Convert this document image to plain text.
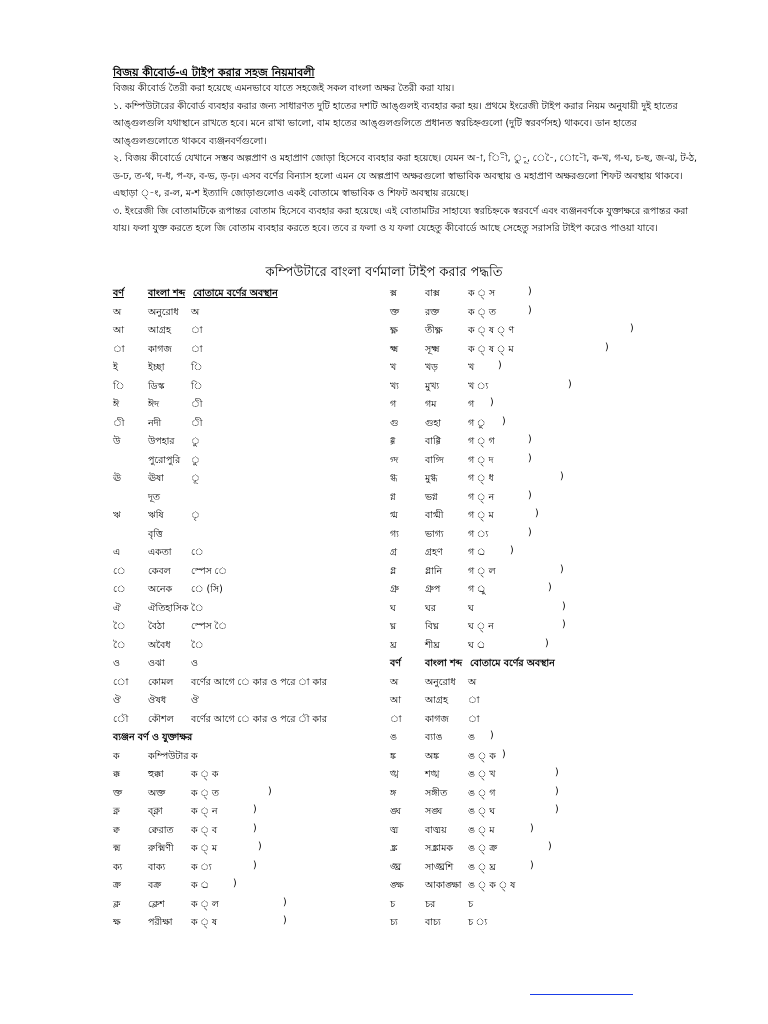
বিজয় কীবোর্ড-এ টাইপ করার সহজ নিয়মাবলী

বিজয় কীবোর্ড তৈরী করা হয়েছে এমনভাবে যাতে সহজেই সকল বাংলা অক্ষর তৈরী করা যায়।

১. কম্পিউটারের কীবোর্ড ব্যবহার করার জন্য সাধারণত দুটি হাতের দশটি আঙ্গুলই ব্যবহার করা হয়। প্রথমে ইংরেজী টাইপ করার নিয়ম অনুযায়ী দুই হাতের আঙ্গুলগুলি যথাস্থানে রাখতে হবে। মনে রাখা ভালো, বাম হাতের আঙ্গুলগুলিতে প্রধানত স্বরচিহ্নগুলো (দুটি স্বরবর্ণসহ) থাকবে। ডান হাতের আঙ্গুলগুলোতে থাকবে ব্যঞ্জনবর্ণগুলো।

২. বিজয় কীবোর্ডে যেখানে সম্ভব অল্পপ্রাণ ও মহাপ্রাণ জোড়া হিসেবে ব্যবহার করা হয়েছে। যেমন অ-া, ি-ী, ু-ূ, ে-ৈ, ো-ৌ, ক-খ, গ-ঘ, চ-ছ, জ-ঝ, ট-ঠ, ড-ঢ, ত-থ, দ-ধ, প-ফ, ব-ভ, ড়-ঢ়। এসব বর্ণের বিন্যাস হলো এমন যে অল্পপ্রাণ অক্ষরগুলো স্বাভাবিক অবস্থায় ও মহাপ্রাণ অক্ষরগুলো শিফট অবস্থায় থাকবে। এছাড়া ্-ং, র-ল, ম-শ ইত্যাদি জোড়াগুলোও একই বোতামে স্বাভাবিক ও শিফট অবস্থায় রয়েছে।

৩. ইংরেজী জি বোতামটিকে রূপান্তর বোতাম হিসেবে ব্যবহার করা হয়েছে। এই বোতামটির সাহায্যে স্বরচিহ্নকে স্বরবর্ণে এবং ব্যঞ্জনবর্ণকে যুক্তাক্ষরে রূপান্তর করা যায়। ফলা যুক্ত করতে হলে জি বোতাম ব্যবহার করতে হবে। তবে র ফলা ও য ফলা যেহেতু কীবোর্ডে আছে সেহেতু সরাসরি টাইপ করেও পাওয়া যাবে।

কম্পিউটারে বাংলা বর্ণমালা টাইপ করার পদ্ধতি
বর্ণ	বাংলা শব্দ বোতামে বর্ণের অবস্থান
অ	অনুরোধ অ
আ	আগ্রহ া
া	কাগজ া
ই	ইচ্ছা	ি
ি	ডিস্ক	ি
ঈ	ঈদ	ী
ী	নদী	ী
উ	উপহার ু
পুরোপুরি ু
ঊ	ঊষা	ূ
দূত
ঋ	ঋষি	ৃ
বৃত্তি
এ	একতা ে
ে কেবল স্পেস ে
ে অনেক ে (সি)
ঐ	ঐতিহাসিক ৈ
ৈ বৈঠা	স্পেস ৈ
ৈ অবৈধ ৈ
ও	ওঝা	ও
ো কোমল বর্ণের আগে ে কার ও পরে া কার
ঔ	ঔষধ	ঔ
ৌ কৌশল বর্ণের আগে ে কার ও পরে ৗ কার
ব্যঞ্জন বর্ণ ও যুক্তাক্ষর
ক	কম্পিউটার ক
ক্ক	হুক্কা	ক ্ ক
ক্ত	অক্ত	ক ্ ত	)
ক্ন	ব্ক্না	ক ্ ন	)
ক্ব	ক্বেরাত ক ্ ব	)
ক্ম	রুক্মিণী ক ্ ম	)
ক্য	বাক্য	ক ্য	)
ক্র	বক্র	ক ্র	)
ক্ল	ক্লেশ	ক ্ ল	)
ক্ষ	পরীক্ষা ক ্ ষ	)
ক্স	বাক্স	ক ্ স	)
ক্ত	রক্ত	ক ্ ত	)
ক্ষ্ণ	তীক্ষ্ণ	ক ্ ষ ্ ণ	)
ক্ষ্ম	সূক্ষ্ম	ক ্ ষ ্ ম	)
খ	খড়	খ	)
খ্য	মুখ্য	খ ্য	)
গ	গম	গ )
গু	গুহা	গ ু )
গ্গ	বাগ্গি	গ ্ গ	)
গ্দ	বাগ্দি	গ ্ দ	)
গ্ধ	মুগ্ধ	গ ্ ধ	)
গ্ন	ভগ্ন	গ ্ ন	)
গ্ম	বাগ্মী	গ ্ ম	)
গ্য	ভাগ্য	গ ্য	)
গ্র	গ্রহণ	গ ্র	)
গ্ল	গ্লানি	গ ্ ল	)
গ্রু	গ্রুপ	গ ্রু	)
ঘ	ঘর	ঘ	)
ঘ্ন	বিঘ্ন	ঘ ্ ন	)
ঘ্র	শীঘ্র	ঘ ্র	)
বর্ণ	বাংলা শব্দ বোতামে বর্ণের অবস্থান
অ	অনুরোধ অ
আ	আগ্রহ া
া	কাগজ া
ঙ	ব্যাঙ	ঙ )
ঙ্ক	অঙ্ক	ঙ ্ ক )
ঙ্খ	শঙ্খ	ঙ ্ খ	)
ঙ্গ	সঙ্গীত ঙ ্ গ	)
ঙ্ঘ	সঙ্ঘ	ঙ ্ ঘ	)
ঙ্ম	বাঙ্ময় ঙ ্ ম	)
ঙ্ক্র	সঙ্ক্রামক ঙ ্ ক্র	)
ঙ্ঘ্র	সাঙ্ঘ্রশি ঙ ্ ঘ্র	)
ঙ্ক্ষ আকাঙ্ক্ষা ঙ ্ ক ্ ষ
চ	চর	চ
চ্য	বাচ্য	চ ্য
